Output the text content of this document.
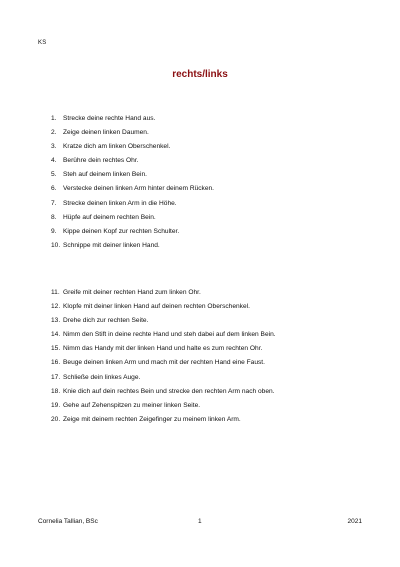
KS
rechts/links
1. Strecke deine rechte Hand aus.
2. Zeige deinen linken Daumen.
3. Kratze dich am linken Oberschenkel.
4. Berühre dein rechtes Ohr.
5. Steh auf deinem linken Bein.
6. Verstecke deinen linken Arm hinter deinem Rücken.
7. Strecke deinen linken Arm in die Höhe.
8. Hüpfe auf deinem rechten Bein.
9. Kippe deinen Kopf zur rechten Schulter.
10. Schnippe mit deiner linken Hand.
11. Greife mit deiner rechten Hand zum linken Ohr.
12. Klopfe mit deiner linken Hand auf deinen rechten Oberschenkel.
13. Drehe dich zur rechten Seite.
14. Nimm den Stift in deine rechte Hand und steh dabei auf dem linken Bein.
15. Nimm das Handy mit der linken Hand und halte es zum rechten Ohr.
16. Beuge deinen linken Arm und mach mit der rechten Hand eine Faust.
17. Schließe dein linkes Auge.
18. Knie dich auf dein rechtes Bein und strecke den rechten Arm nach oben.
19. Gehe auf Zehenspitzen zu meiner linken Seite.
20. Zeige mit deinem rechten Zeigefinger zu meinem linken Arm.
Cornelia Tallian, BSc	1	2021
